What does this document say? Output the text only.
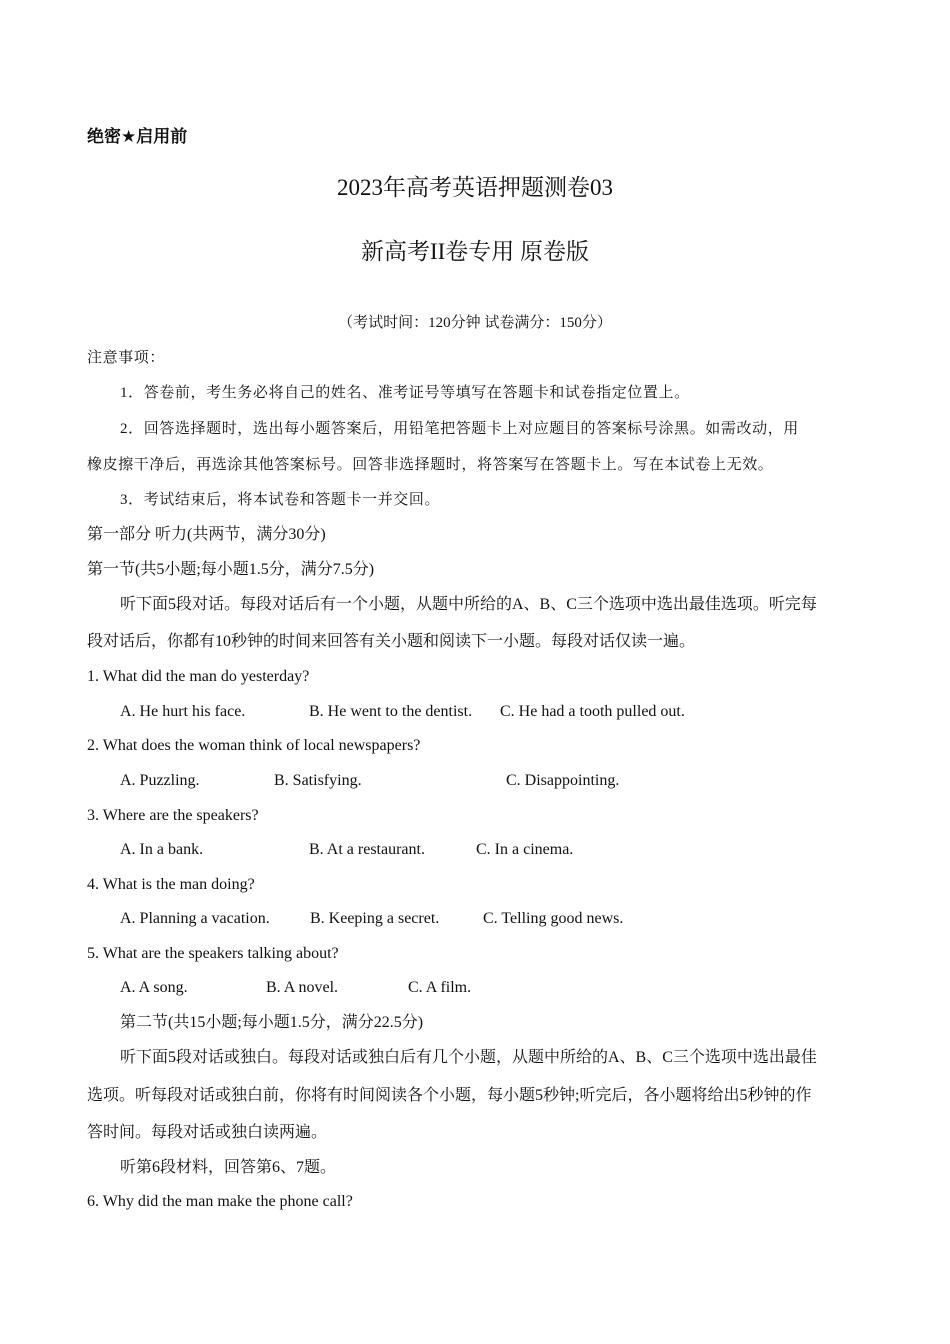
绝密★启用前
2023年高考英语押题测卷03
新高考II卷专用 原卷版
（考试时间：120分钟 试卷满分：150分）
注意事项：
1．答卷前，考生务必将自己的姓名、准考证号等填写在答题卡和试卷指定位置上。
2．回答选择题时，选出每小题答案后，用铅笔把答题卡上对应题目的答案标号涂黑。如需改动，用
橡皮擦干净后，再选涂其他答案标号。回答非选择题时，将答案写在答题卡上。写在本试卷上无效。
3．考试结束后，将本试卷和答题卡一并交回。
第一部分 听力(共两节，满分30分)
第一节(共5小题;每小题1.5分，满分7.5分)
听下面5段对话。每段对话后有一个小题，从题中所给的A、B、C三个选项中选出最佳选项。听完每
段对话后，你都有10秒钟的时间来回答有关小题和阅读下一小题。每段对话仅读一遍。
1. What did the man do yesterday?
A. He hurt his face.	B. He went to the dentist. C. He had a tooth pulled out.
2. What does the woman think of local newspapers?
A. Puzzling.	B. Satisfying.	C. Disappointing.
3. Where are the speakers?
A. In a bank.	B. At a restaurant.	C. In a cinema.
4. What is the man doing?
A. Planning a vacation.	B. Keeping a secret.	C. Telling good news.
5. What are the speakers talking about?
A. A song.	B. A novel.	C. A film.
第二节(共15小题;每小题1.5分，满分22.5分)
听下面5段对话或独白。每段对话或独白后有几个小题，从题中所给的A、B、C三个选项中选出最佳
选项。听每段对话或独白前，你将有时间阅读各个小题，每小题5秒钟;听完后，各小题将给出5秒钟的作
答时间。每段对话或独白读两遍。
听第6段材料，回答第6、7题。
6. Why did the man make the phone call?
